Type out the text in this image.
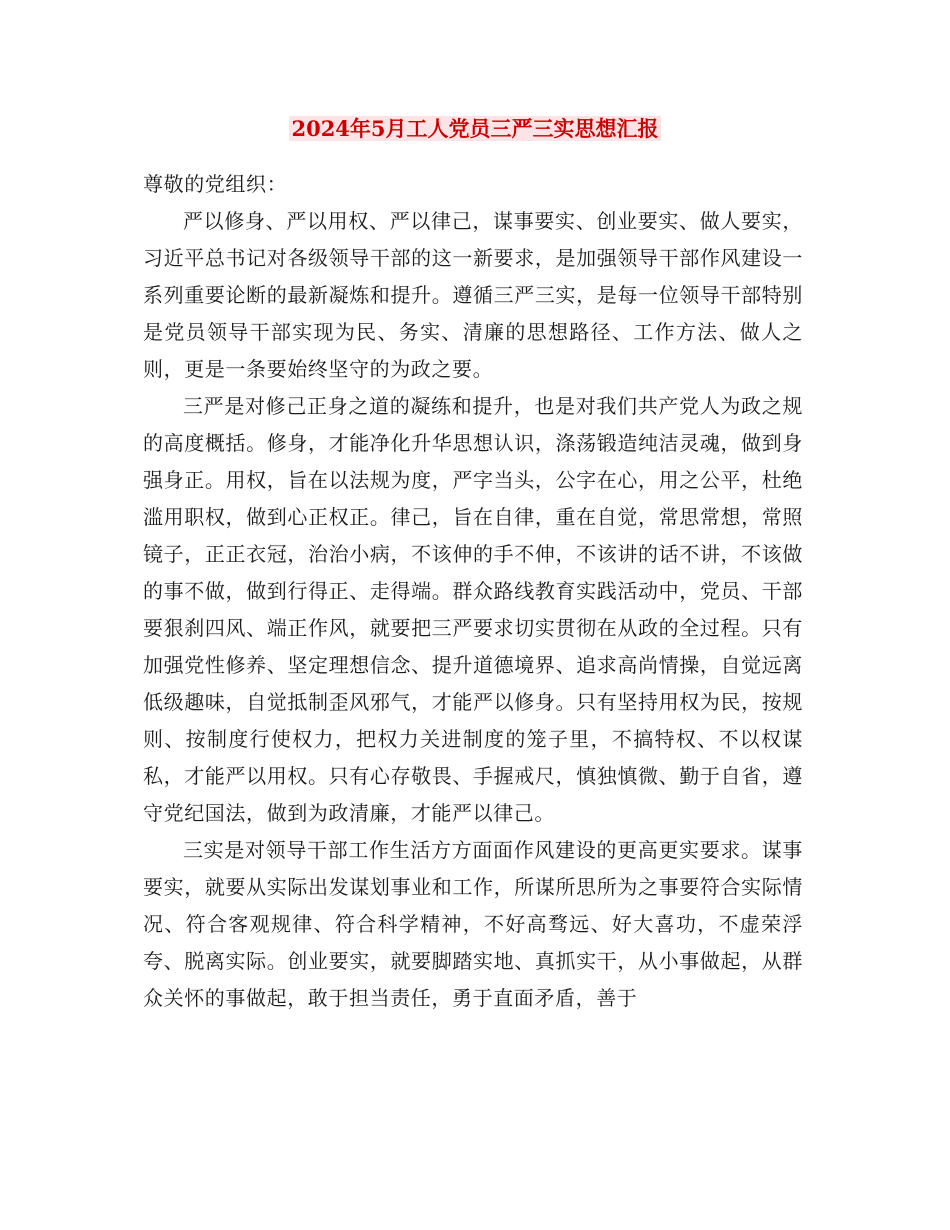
2024年5月工人党员三严三实思想汇报

尊敬的党组织：

严以修身、严以用权、严以律己，谋事要实、创业要实、做人要实，习近平总书记对各级领导干部的这一新要求，是加强领导干部作风建设一系列重要论断的最新凝炼和提升。遵循三严三实，是每一位领导干部特别是党员领导干部实现为民、务实、清廉的思想路径、工作方法、做人之则，更是一条要始终坚守的为政之要。

三严是对修己正身之道的凝练和提升，也是对我们共产党人为政之规的高度概括。修身，才能净化升华思想认识，涤荡锻造纯洁灵魂，做到身强身正。用权，旨在以法规为度，严字当头，公字在心，用之公平，杜绝滥用职权，做到心正权正。律己，旨在自律，重在自觉，常思常想，常照镜子，正正衣冠，治治小病，不该伸的手不伸，不该讲的话不讲，不该做的事不做，做到行得正、走得端。群众路线教育实践活动中，党员、干部要狠刹四风、端正作风，就要把三严要求切实贯彻在从政的全过程。只有加强党性修养、坚定理想信念、提升道德境界、追求高尚情操，自觉远离低级趣味，自觉抵制歪风邪气，才能严以修身。只有坚持用权为民，按规则、按制度行使权力，把权力关进制度的笼子里，不搞特权、不以权谋私，才能严以用权。只有心存敬畏、手握戒尺，慎独慎微、勤于自省，遵守党纪国法，做到为政清廉，才能严以律己。

三实是对领导干部工作生活方方面面作风建设的更高更实要求。谋事要实，就要从实际出发谋划事业和工作，所谋所思所为之事要符合实际情况、符合客观规律、符合科学精神，不好高骛远、好大喜功，不虚荣浮夸、脱离实际。创业要实，就要脚踏实地、真抓实干，从小事做起，从群众关怀的事做起，敢于担当责任，勇于直面矛盾，善于
